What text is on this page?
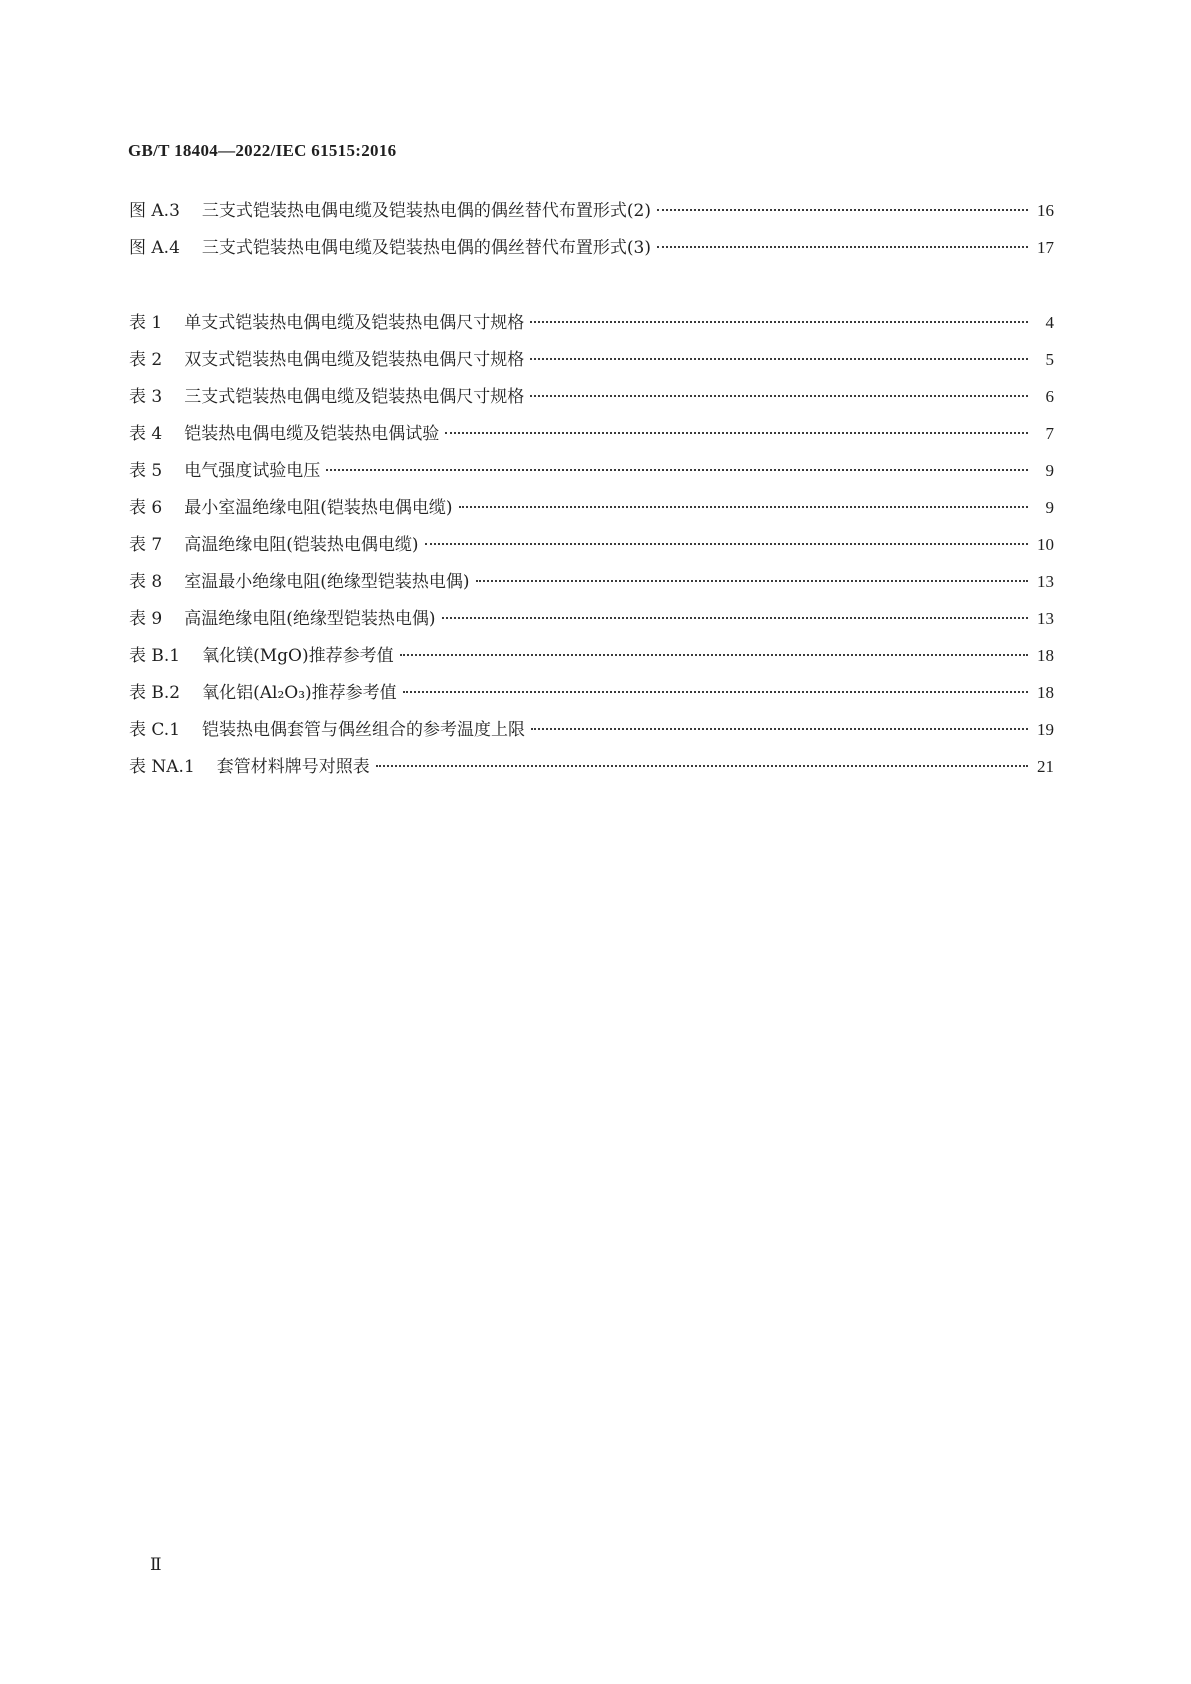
GB/T 18404—2022/IEC 61515:2016
图 A.3 三支式铠装热电偶电缆及铠装热电偶的偶丝替代布置形式(2)	16
图 A.4 三支式铠装热电偶电缆及铠装热电偶的偶丝替代布置形式(3)	17
表 1 单支式铠装热电偶电缆及铠装热电偶尺寸规格	4
表 2 双支式铠装热电偶电缆及铠装热电偶尺寸规格	5
表 3 三支式铠装热电偶电缆及铠装热电偶尺寸规格	6
表 4 铠装热电偶电缆及铠装热电偶试验	7
表 5 电气强度试验电压	9
表 6 最小室温绝缘电阻(铠装热电偶电缆)	9
表 7 高温绝缘电阻(铠装热电偶电缆)	10
表 8 室温最小绝缘电阻(绝缘型铠装热电偶)	13
表 9 高温绝缘电阻(绝缘型铠装热电偶)	13
表 B.1 氧化镁(MgO)推荐参考值	18
表 B.2 氧化铝(Al₂O₃)推荐参考值	18
表 C.1 铠装热电偶套管与偶丝组合的参考温度上限	19
表 NA.1 套管材料牌号对照表	21
Ⅱ
